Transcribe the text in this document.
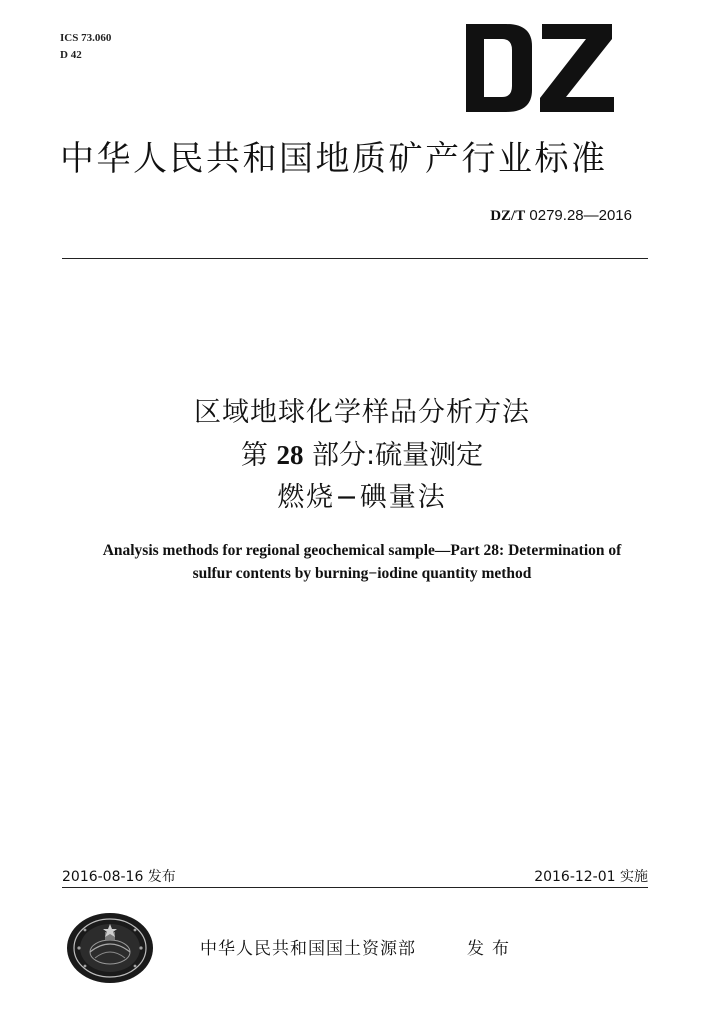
ICS 73.060
D 42
中华人民共和国地质矿产行业标准
DZ/T 0279.28—2016
区域地球化学样品分析方法
第 28 部分:硫量测定
燃烧−碘量法
Analysis methods for regional geochemical sample—Part 28: Determination of
sulfur contents by burning−iodine quantity method
2016-08-16 发布	2016-12-01 实施
中华人民共和国国土资源部	发布
